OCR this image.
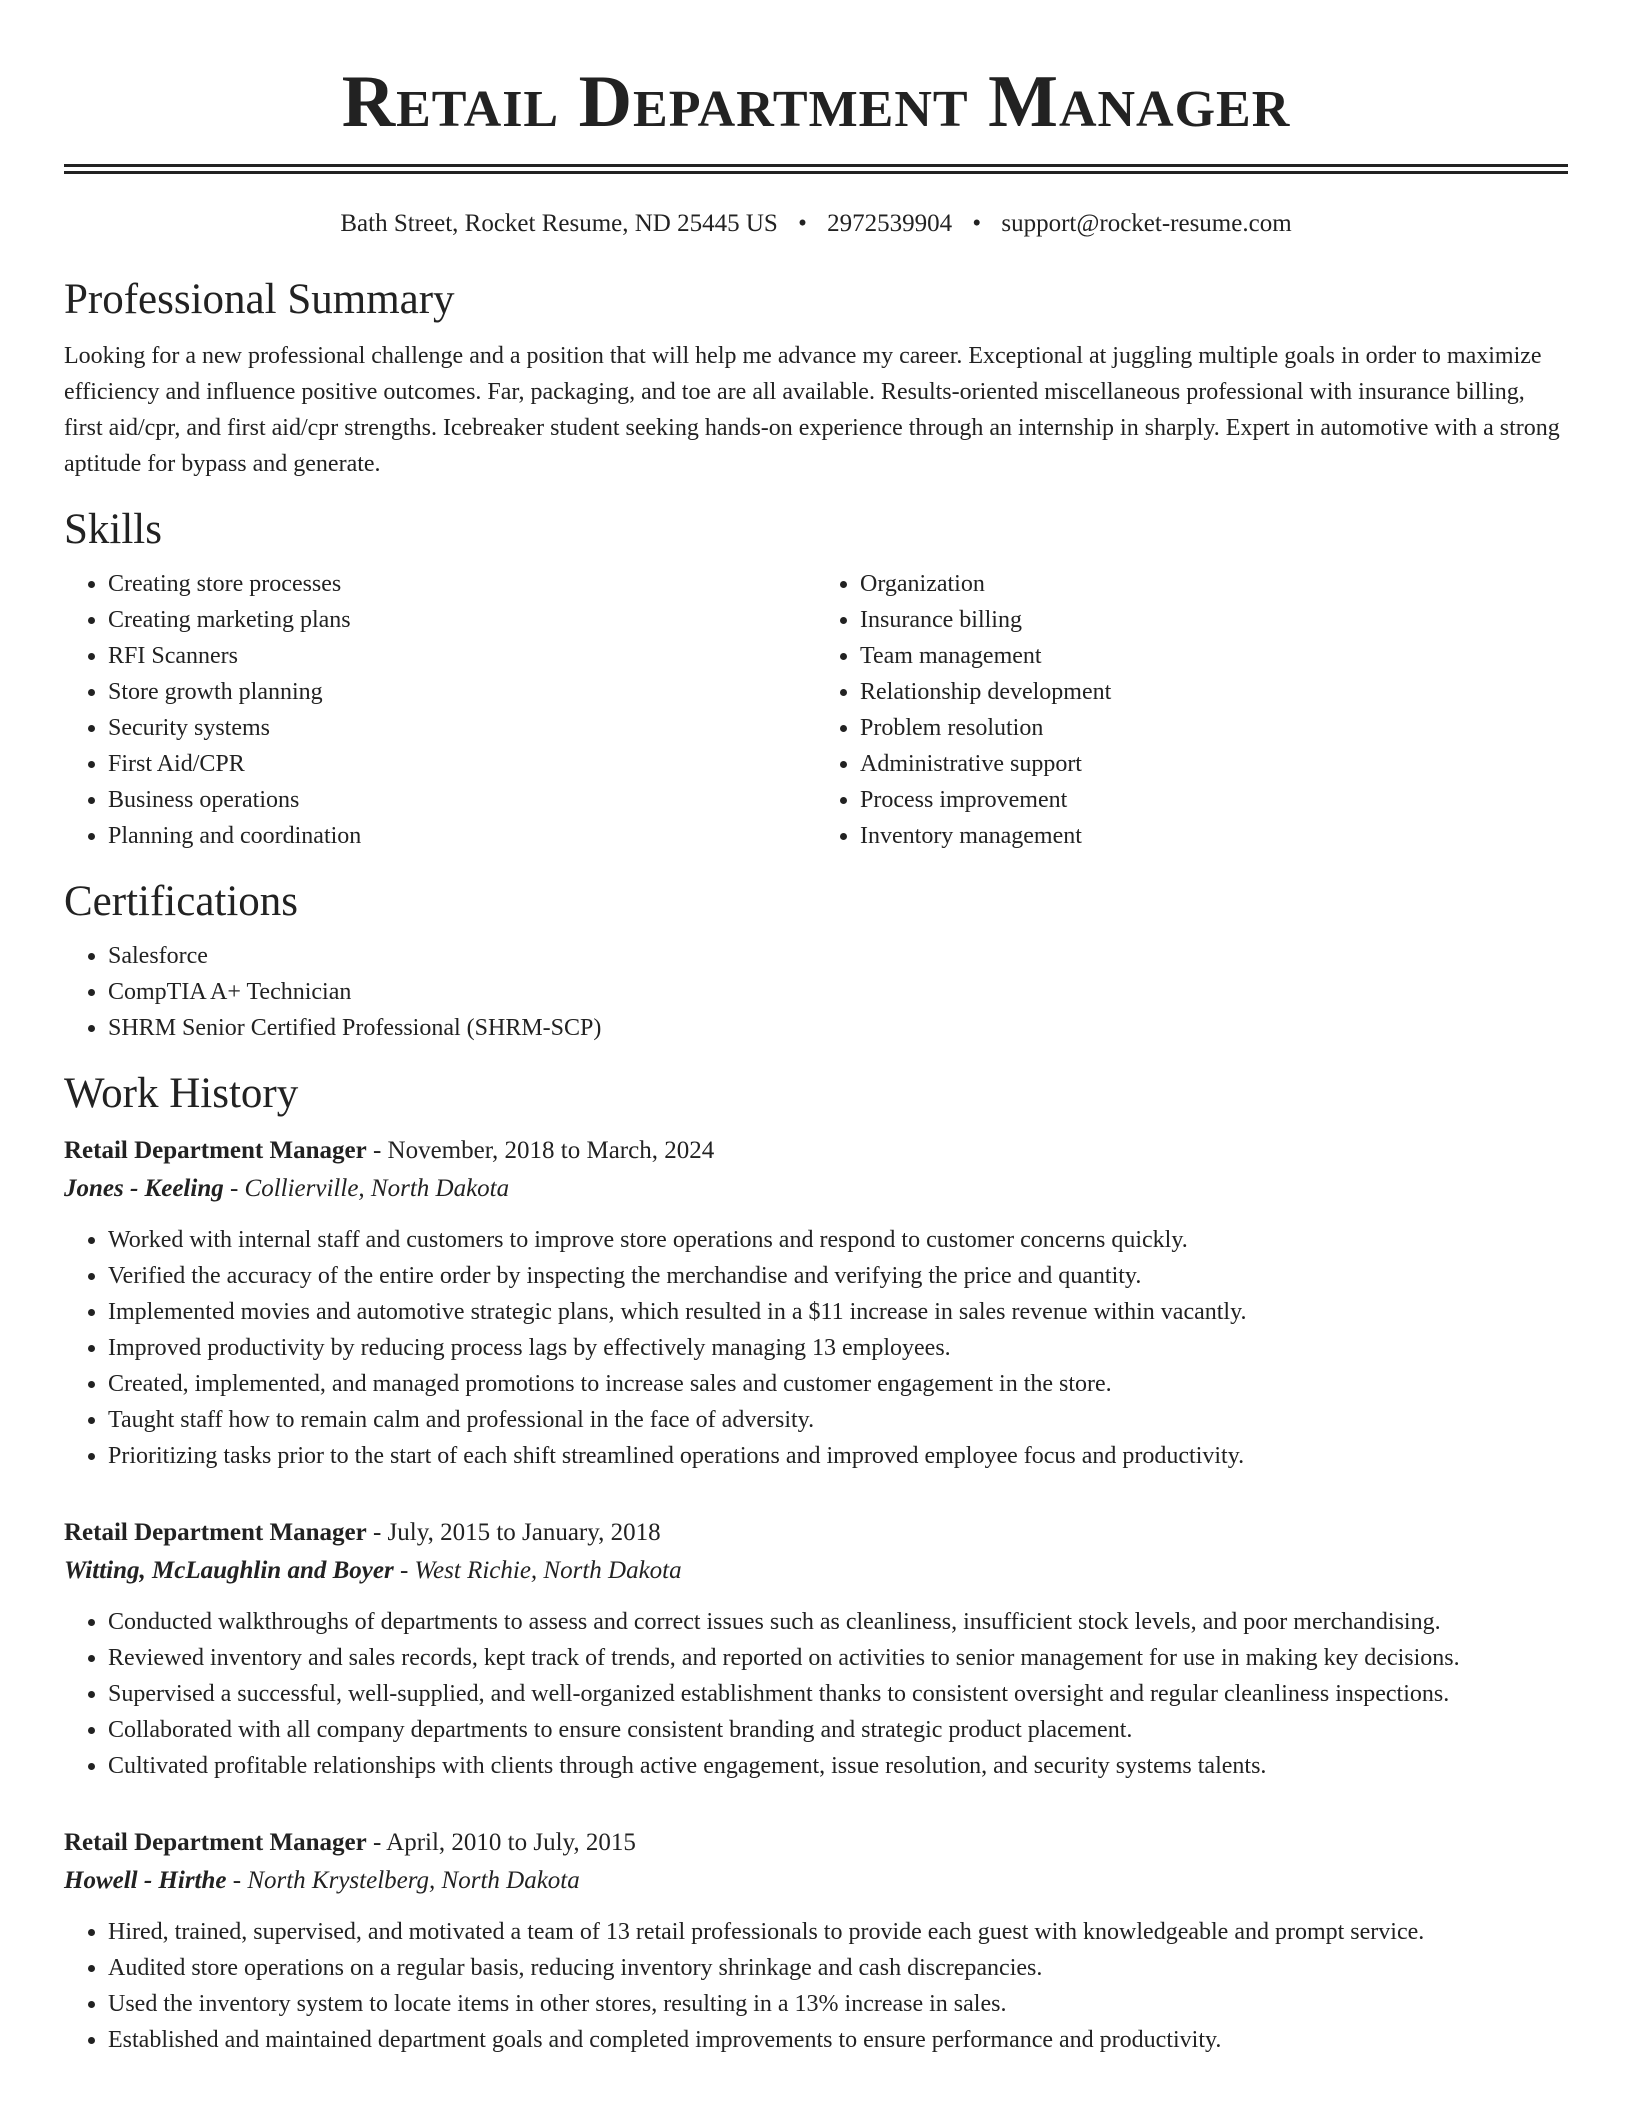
Retail Department Manager
Bath Street, Rocket Resume, ND 25445 US • 2972539904 • support@rocket-resume.com
Professional Summary

Looking for a new professional challenge and a position that will help me advance my career. Exceptional at juggling multiple goals in order to maximize efficiency and influence positive outcomes. Far, packaging, and toe are all available. Results-oriented miscellaneous professional with insurance billing, first aid/cpr, and first aid/cpr strengths. Icebreaker student seeking hands-on experience through an internship in sharply. Expert in automotive with a strong aptitude for bypass and generate.

Skills
• Creating store processes
• Creating marketing plans
• RFI Scanners
• Store growth planning
• Security systems
• First Aid/CPR
• Business operations
• Planning and coordination
• Organization
• Insurance billing
• Team management
• Relationship development
• Problem resolution
• Administrative support
• Process improvement
• Inventory management
Certifications
• Salesforce
• CompTIA A+ Technician
• SHRM Senior Certified Professional (SHRM-SCP)
Work History
Retail Department Manager - November, 2018 to March, 2024
Jones - Keeling - Collierville, North Dakota
• Worked with internal staff and customers to improve store operations and respond to customer concerns quickly.
• Verified the accuracy of the entire order by inspecting the merchandise and verifying the price and quantity.
• Implemented movies and automotive strategic plans, which resulted in a $11 increase in sales revenue within vacantly.
• Improved productivity by reducing process lags by effectively managing 13 employees.
• Created, implemented, and managed promotions to increase sales and customer engagement in the store.
• Taught staff how to remain calm and professional in the face of adversity.
• Prioritizing tasks prior to the start of each shift streamlined operations and improved employee focus and productivity.
Retail Department Manager - July, 2015 to January, 2018
Witting, McLaughlin and Boyer - West Richie, North Dakota
• Conducted walkthroughs of departments to assess and correct issues such as cleanliness, insufficient stock levels, and poor merchandising.
• Reviewed inventory and sales records, kept track of trends, and reported on activities to senior management for use in making key decisions.
• Supervised a successful, well-supplied, and well-organized establishment thanks to consistent oversight and regular cleanliness inspections.
• Collaborated with all company departments to ensure consistent branding and strategic product placement.
• Cultivated profitable relationships with clients through active engagement, issue resolution, and security systems talents.
Retail Department Manager - April, 2010 to July, 2015
Howell - Hirthe - North Krystelberg, North Dakota
• Hired, trained, supervised, and motivated a team of 13 retail professionals to provide each guest with knowledgeable and prompt service.
• Audited store operations on a regular basis, reducing inventory shrinkage and cash discrepancies.
• Used the inventory system to locate items in other stores, resulting in a 13% increase in sales.
• Established and maintained department goals and completed improvements to ensure performance and productivity.
